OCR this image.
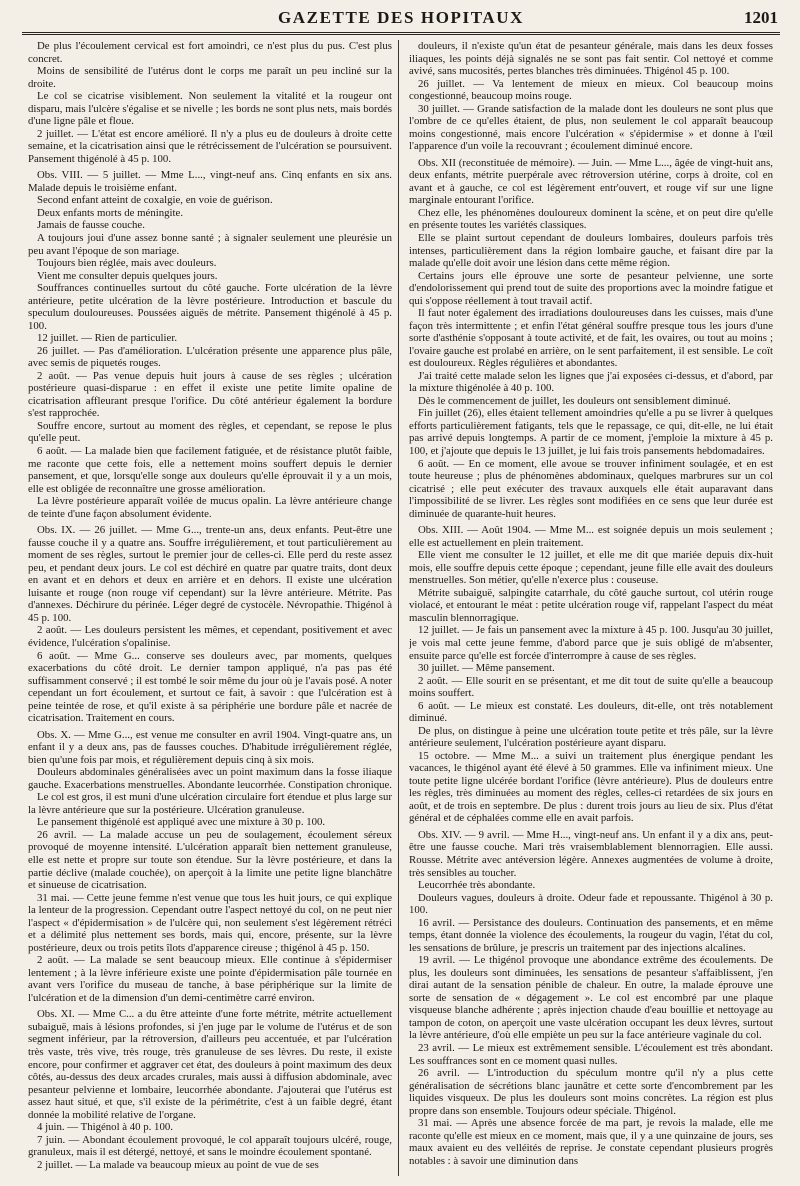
GAZETTE DES HOPITAUX	1201

De plus l'écoulement cervical est fort amoindri, ce n'est plus du pus. C'est plus concret.

Moins de sensibilité de l'utérus dont le corps me paraît un peu incliné sur la droite.

Le col se cicatrise visiblement. Non seulement la vitalité et la rougeur ont disparu, mais l'ulcère s'égalise et se nivelle ; les bords ne sont plus nets, mais bordés d'une ligne pâle et floue.

2 juillet. — L'état est encore amélioré. Il n'y a plus eu de douleurs à droite cette semaine, et la cicatrisation ainsi que le rétrécissement de l'ulcération se poursuivent. Pansement thigénolé à 45 p. 100.

Obs. VIII. — 5 juillet. — Mme L..., vingt-neuf ans. Cinq enfants en six ans. Malade depuis le troisième enfant.

Second enfant atteint de coxalgie, en voie de guérison.

Deux enfants morts de méningite.

Jamais de fausse couche.

A toujours joui d'une assez bonne santé ; à signaler seulement une pleurésie un peu avant l'époque de son mariage.

Toujours bien réglée, mais avec douleurs.

Vient me consulter depuis quelques jours.

Souffrances continuelles surtout du côté gauche. Forte ulcération de la lèvre antérieure, petite ulcération de la lèvre postérieure. Introduction et bascule du speculum douloureuses. Poussées aiguës de métrite. Pansement thigénolé à 45 p. 100.

12 juillet. — Rien de particulier.

26 juillet. — Pas d'amélioration. L'ulcération présente une apparence plus pâle, avec semis de piquetés rouges.

2 août. — Pas venue depuis huit jours à cause de ses règles ; ulcération postérieure quasi-disparue : en effet il existe une petite limite opaline de cicatrisation affleurant presque l'orifice. Du côté antérieur également la bordure s'est rapprochée.

Souffre encore, surtout au moment des règles, et cependant, se repose le plus qu'elle peut.

6 août. — La malade bien que facilement fatiguée, et de résistance plutôt faible, me raconte que cette fois, elle a nettement moins souffert depuis le dernier pansement, et que, lorsqu'elle songe aux douleurs qu'elle éprouvait il y a un mois, elle est obligée de reconnaître une grosse amélioration.

La lèvre postérieure apparaît voilée de mucus opalin. La lèvre antérieure change de teinte d'une façon absolument évidente.

Obs. IX. — 26 juillet. — Mme G..., trente-un ans, deux enfants. Peut-être une fausse couche il y a quatre ans. Souffre irrégulièrement, et tout particulièrement au moment de ses règles, surtout le premier jour de celles-ci. Elle perd du reste assez peu, et pendant deux jours. Le col est déchiré en quatre par quatre traits, dont deux en avant et en dehors et deux en arrière et en dehors. Il existe une ulcération luisante et rouge (non rouge vif cependant) sur la lèvre antérieure. Métrite. Pas d'annexes. Déchirure du périnée. Léger degré de cystocèle. Névropathie. Thigénol à 45 p. 100.

2 août. — Les douleurs persistent les mêmes, et cependant, positivement et avec évidence, l'ulcération s'opalinise.

6 août. — Mme G... conserve ses douleurs avec, par moments, quelques exacerbations du côté droit. Le dernier tampon appliqué, n'a pas pas été suffisamment conservé ; il est tombé le soir même du jour où je l'avais posé. A noter cependant un fort écoulement, et surtout ce fait, à savoir : que l'ulcération est à peine teintée de rose, et qu'il existe à sa périphérie une bordure pâle et nacrée de cicatrisation. Traitement en cours.

Obs. X. — Mme G..., est venue me consulter en avril 1904. Vingt-quatre ans, un enfant il y a deux ans, pas de fausses couches. D'habitude irrégulièrement réglée, bien qu'une fois par mois, et régulièrement depuis cinq à six mois.

Douleurs abdominales généralisées avec un point maximum dans la fosse iliaque gauche. Exacerbations menstruelles. Abondante leucorrhée. Constipation chronique.

Le col est gros, il est muni d'une ulcération circulaire fort étendue et plus large sur la lèvre antérieure que sur la postérieure. Ulcération granuleuse.

Le pansement thigénolé est appliqué avec une mixture à 30 p. 100.

26 avril. — La malade accuse un peu de soulagement, écoulement séreux provoqué de moyenne intensité. L'ulcération apparaît bien nettement granuleuse, elle est nette et propre sur toute son étendue. Sur la lèvre postérieure, et dans la partie déclive (malade couchée), on aperçoit à la limite une petite ligne blanchâtre et sinueuse de cicatrisation.

31 mai. — Cette jeune femme n'est venue que tous les huit jours, ce qui explique la lenteur de la progression. Cependant outre l'aspect nettoyé du col, on ne peut nier l'aspect « d'épidermisation » de l'ulcère qui, non seulement s'est légèrement rétréci et a délimité plus nettement ses bords, mais qui, encore, présente, sur la lèvre postérieure, deux ou trois petits îlots d'apparence cireuse ; thigénol à 45 p. 150.

2 août. — La malade se sent beaucoup mieux. Elle continue à s'épidermiser lentement ; à la lèvre inférieure existe une pointe d'épidermisation pâle tournée en avant vers l'orifice du museau de tanche, à base périphérique sur la limite de l'ulcération et de la dimension d'un demi-centimètre carré environ.

Obs. XI. — Mme C... a du être atteinte d'une forte métrite, métrite actuellement subaiguë, mais à lésions profondes, si j'en juge par le volume de l'utérus et de son segment inférieur, par la rétroversion, d'ailleurs peu accentuée, et par l'ulcération très vaste, très vive, très rouge, très granuleuse de ses lèvres. Du reste, il existe encore, pour confirmer et aggraver cet état, des douleurs à point maximum des deux côtés, au-dessus des deux arcades crurales, mais aussi à diffusion abdominale, avec pesanteur pelvienne et lombaire, leucorrhée abondante. J'ajouterai que l'utérus est assez haut situé, et que, s'il existe de la périmétrite, c'est à un faible degré, étant donnée la mobilité relative de l'organe.

4 juin. — Thigénol à 40 p. 100.

7 juin. — Abondant écoulement provoqué, le col apparaît toujours ulcéré, rouge, granuleux, mais il est détergé, nettoyé, et sans le moindre écoulement spontané.

2 juillet. — La malade va beaucoup mieux au point de vue de ses

douleurs, il n'existe qu'un état de pesanteur générale, mais dans les deux fosses iliaques, les points déjà signalés ne se sont pas fait sentir. Col nettoyé et comme avivé, sans mucosités, pertes blanches très diminuées. Thigénol 45 p. 100.

26 juillet. — Va lentement de mieux en mieux. Col beaucoup moins congestionné, beaucoup moins rouge.

30 juillet. — Grande satisfaction de la malade dont les douleurs ne sont plus que l'ombre de ce qu'elles étaient, de plus, non seulement le col apparaît beaucoup moins congestionné, mais encore l'ulcération « s'épidermise » et donne à l'œil l'apparence d'un voile la recouvrant ; écoulement diminué encore.

Obs. XII (reconstituée de mémoire). — Juin. — Mme L..., âgée de vingt-huit ans, deux enfants, métrite puerpérale avec rétroversion utérine, corps à droite, col en avant et à gauche, ce col est légèrement entr'ouvert, et rouge vif sur une ligne marginale entourant l'orifice.

Chez elle, les phénomènes douloureux dominent la scène, et on peut dire qu'elle en présente toutes les variétés classiques.

Elle se plaint surtout cependant de douleurs lombaires, douleurs parfois très intenses, particulièrement dans la région lombaire gauche, et faisant dire par la malade qu'elle doit avoir une lésion dans cette même région.

Certains jours elle éprouve une sorte de pesanteur pelvienne, une sorte d'endolorissement qui prend tout de suite des proportions avec la moindre fatigue et qui s'oppose réellement à tout travail actif.

Il faut noter également des irradiations douloureuses dans les cuisses, mais d'une façon très intermittente ; et enfin l'état général souffre presque tous les jours d'une sorte d'asthénie s'opposant à toute activité, et de fait, les ovaires, ou tout au moins ; l'ovaire gauche est prolabé en arrière, on le sent parfaitement, il est sensible. Le coït est douloureux. Règles régulières et abondantes.

J'ai traité cette malade selon les lignes que j'ai exposées ci-dessus, et d'abord, par la mixture thigénolée à 40 p. 100.

Dès le commencement de juillet, les douleurs ont sensiblement diminué.

Fin juillet (26), elles étaient tellement amoindries qu'elle a pu se livrer à quelques efforts particulièrement fatigants, tels que le repassage, ce qui, dit-elle, ne lui était pas arrivé depuis longtemps. A partir de ce moment, j'emploie la mixture à 45 p. 100, et j'ajoute que depuis le 13 juillet, je lui fais trois pansements hebdomadaires.

6 août. — En ce moment, elle avoue se trouver infiniment soulagée, et en est toute heureuse ; plus de phénomènes abdominaux, quelques marbrures sur un col cicatrisé ; elle peut exécuter des travaux auxquels elle était auparavant dans l'impossibilité de se livrer. Les règles sont modifiées en ce sens que leur durée est diminuée de quarante-huit heures.

Obs. XIII. — Août 1904. — Mme M... est soignée depuis un mois seulement ; elle est actuellement en plein traitement.

Elle vient me consulter le 12 juillet, et elle me dit que mariée depuis dix-huit mois, elle souffre depuis cette époque ; cependant, jeune fille elle avait des douleurs menstruelles. Son métier, qu'elle n'exerce plus : couseuse.

Métrite subaiguë, salpingite catarrhale, du côté gauche surtout, col utérin rouge violacé, et entourant le méat : petite ulcération rouge vif, rappelant l'aspect du méat masculin blennorragique.

12 juillet. — Je fais un pansement avec la mixture à 45 p. 100. Jusqu'au 30 juillet, je vois mal cette jeune femme, d'abord parce que je suis obligé de m'absenter, ensuite parce qu'elle est forcée d'interrompre à cause de ses règles.

30 juillet. — Même pansement.

2 août. — Elle sourit en se présentant, et me dit tout de suite qu'elle a beaucoup moins souffert.

6 août. — Le mieux est constaté. Les douleurs, dit-elle, ont très notablement diminué.

De plus, on distingue à peine une ulcération toute petite et très pâle, sur la lèvre antérieure seulement, l'ulcération postérieure ayant disparu.

15 octobre. — Mme M... a suivi un traitement plus énergique pendant les vacances, le thigénol ayant été élevé à 50 grammes. Elle va infiniment mieux. Une toute petite ligne ulcérée bordant l'orifice (lèvre antérieure). Plus de douleurs entre les règles, très diminuées au moment des règles, celles-ci retardées de six jours en août, et de trois en septembre. De plus : durent trois jours au lieu de six. Plus d'état général et de céphalées comme elle en avait parfois.

Obs. XIV. — 9 avril. — Mme H..., vingt-neuf ans. Un enfant il y a dix ans, peut-être une fausse couche. Mari très vraisemblablement blennorragien. Elle aussi. Rousse. Métrite avec antéversion légère. Annexes augmentées de volume à droite, très sensibles au toucher.

Leucorrhée très abondante.

Douleurs vagues, douleurs à droite. Odeur fade et repoussante. Thigénol à 30 p. 100.

16 avril. — Persistance des douleurs. Continuation des pansements, et en même temps, étant donnée la violence des écoulements, la rougeur du vagin, l'état du col, les sensations de brûlure, je prescris un traitement par des injections alcalines.

19 avril. — Le thigénol provoque une abondance extrême des écoulements. De plus, les douleurs sont diminuées, les sensations de pesanteur s'affaiblissent, j'en dirai autant de la sensation pénible de chaleur. En outre, la malade éprouve une sorte de sensation de « dégagement ». Le col est encombré par une plaque visqueuse blanche adhérente ; après injection chaude d'eau bouillie et nettoyage au tampon de coton, on aperçoit une vaste ulcération occupant les deux lèvres, surtout la lèvre antérieure, d'où elle empiète un peu sur la face antérieure vaginale du col.

23 avril. — Le mieux est extrêmement sensible. L'écoulement est très abondant. Les souffrances sont en ce moment quasi nulles.

26 avril. — L'introduction du spéculum montre qu'il n'y a plus cette généralisation de sécrétions blanc jaunâtre et cette sorte d'encombrement par les liquides visqueux. De plus les douleurs sont moins concrètes. La région est plus propre dans son ensemble. Toujours odeur spéciale. Thigénol.

31 mai. — Après une absence forcée de ma part, je revois la malade, elle me raconte qu'elle est mieux en ce moment, mais que, il y a une quinzaine de jours, ses maux avaient eu des velléités de reprise. Je constate cependant plusieurs progrès notables : à savoir une diminution dans
